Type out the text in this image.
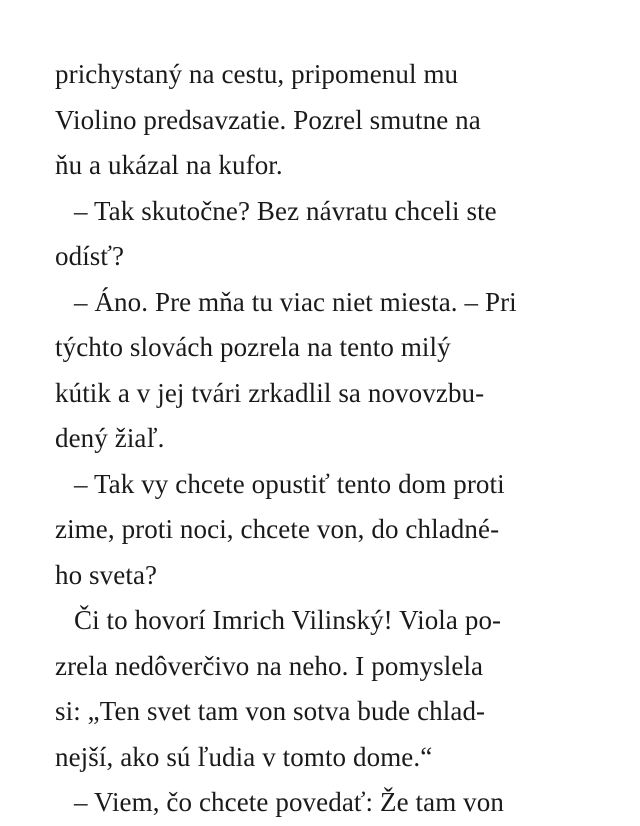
prichystaný na cestu, pripomenul mu
Violino predsavzatie. Pozrel smutne na
ňu a ukázal na kufor.
– Tak skutočne? Bez návratu chceli ste
odísť?
– Áno. Pre mňa tu viac niet miesta. – Pri
týchto slovách pozrela na tento milý
kútik a v jej tvári zrkadlil sa novovzbu-
dený žiaľ.
– Tak vy chcete opustiť tento dom proti
zime, proti noci, chcete von, do chladné-
ho sveta?
Či to hovorí Imrich Vilinský! Viola po-
zrela nedôverčivo na neho. I pomyslela
si: „Ten svet tam von sotva bude chlad-
nejší, ako sú ľudia v tomto dome.“
– Viem, čo chcete povedať: Že tam von
